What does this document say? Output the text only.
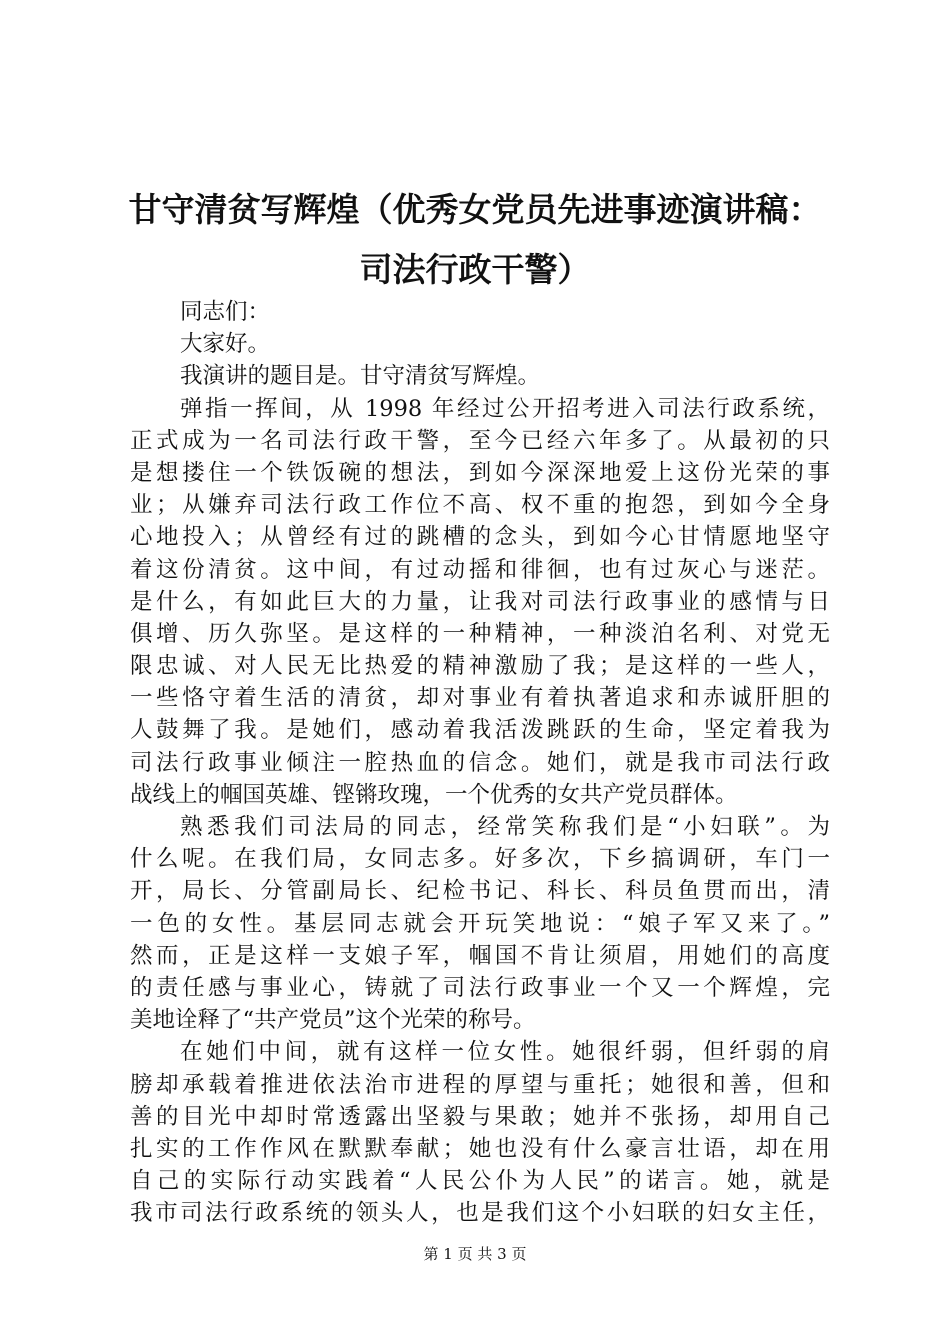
甘守清贫写辉煌（优秀女党员先进事迹演讲稿：
司法行政干警）
同志们：
大家好。
我演讲的题目是。甘守清贫写辉煌。
弹指一挥间，从 1998 年经过公开招考进入司法行政系统，
正式成为一名司法行政干警，至今已经六年多了。从最初的只
是想搂住一个铁饭碗的想法，到如今深深地爱上这份光荣的事
业；从嫌弃司法行政工作位不高、权不重的抱怨，到如今全身
心地投入；从曾经有过的跳槽的念头，到如今心甘情愿地坚守
着这份清贫。这中间，有过动摇和徘徊，也有过灰心与迷茫。
是什么，有如此巨大的力量，让我对司法行政事业的感情与日
俱增、历久弥坚。是这样的一种精神，一种淡泊名利、对党无
限忠诚、对人民无比热爱的精神激励了我；是这样的一些人，
一些恪守着生活的清贫，却对事业有着执著追求和赤诚肝胆的
人鼓舞了我。是她们，感动着我活泼跳跃的生命，坚定着我为
司法行政事业倾注一腔热血的信念。她们，就是我市司法行政
战线上的帼国英雄、铿锵玫瑰，一个优秀的女共产党员群体。
熟悉我们司法局的同志，经常笑称我们是“小妇联”。为
什么呢。在我们局，女同志多。好多次，下乡搞调研，车门一
开，局长、分管副局长、纪检书记、科长、科员鱼贯而出，清
一色的女性。基层同志就会开玩笑地说：“娘子军又来了。”
然而，正是这样一支娘子军，帼国不肯让须眉，用她们的高度
的责任感与事业心，铸就了司法行政事业一个又一个辉煌，完
美地诠释了“共产党员”这个光荣的称号。
在她们中间，就有这样一位女性。她很纤弱，但纤弱的肩
膀却承载着推进依法治市进程的厚望与重托；她很和善，但和
善的目光中却时常透露出坚毅与果敢；她并不张扬，却用自己
扎实的工作作风在默默奉献；她也没有什么豪言壮语，却在用
自己的实际行动实践着“人民公仆为人民”的诺言。她，就是
我市司法行政系统的领头人，也是我们这个小妇联的妇女主任，
第 1 页 共 3 页
